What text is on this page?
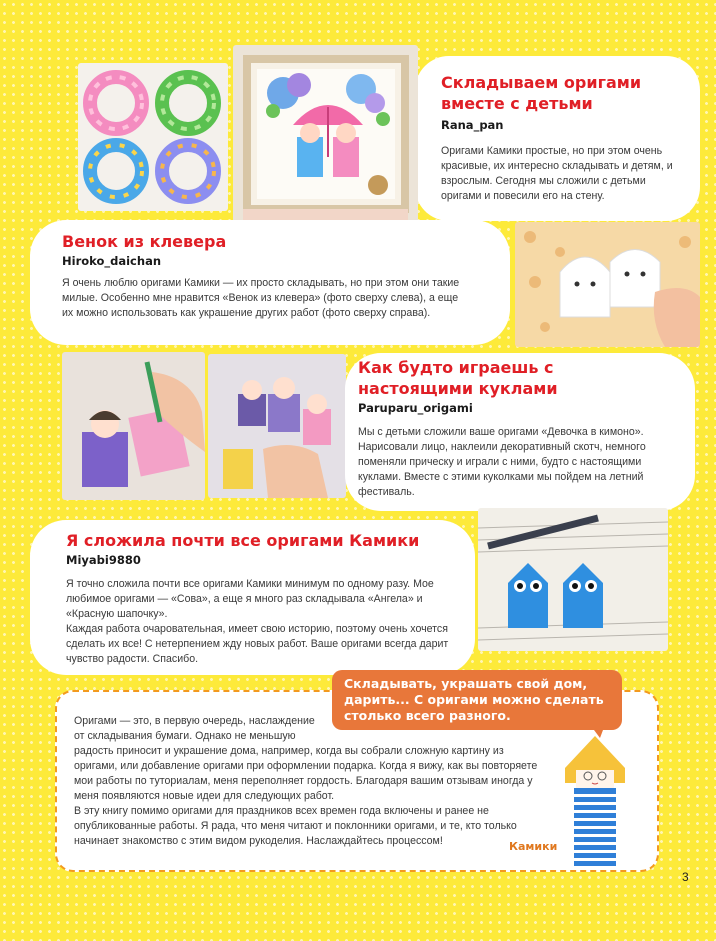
Складываем оригами вместе с детьми

Rana_pan

Оригами Камики простые, но при этом очень красивые, их интересно складывать и детям, и взрослым. Сегодня мы сложили с детьми оригами и повесили его на стену.

Венок из клевера

Hiroko_daichan

Я очень люблю оригами Камики — их просто складывать, но при этом они такие милые. Особенно мне нравится «Венок из клевера» (фото сверху слева), а еще их можно использовать как украшение других работ (фото сверху справа).

Как будто играешь с настоящими куклами

Paruparu_origami

Мы с детьми сложили ваше оригами «Девочка в кимоно». Нарисовали лицо, наклеили декоративный скотч, немного поменяли прическу и играли с ними, будто с настоящими куклами. Вместе с этими куколками мы пойдем на летний фестиваль.

Я сложила почти все оригами Камики

Miyabi9880

Я точно сложила почти все оригами Камики минимум по одному разу. Мое любимое оригами — «Сова», а еще я много раз складывала «Ангела» и «Красную шапочку».

Каждая работа очаровательная, имеет свою историю, поэтому очень хочется сделать их все! С нетерпением жду новых работ. Ваше оригами всегда дарит чувство радости. Спасибо.

Оригами — это, в первую очередь, наслаждение

от складывания бумаги. Однако не меньшую

радость приносит и украшение дома, например, когда вы собрали сложную картину из оригами, или добавление оригами при оформлении подарка. Когда я вижу, как вы повторяете мои работы по туториалам, меня переполняет гордость. Благодаря вашим отзывам иногда у меня появляются новые идеи для следующих работ.

В эту книгу помимо оригами для праздников всех времен года включены и ранее не опубликованные работы. Я рада, что меня читают и поклонники оригами, и те, кто только начинает знакомство с этим видом рукоделия. Наслаждайтесь процессом!	Камики
Складывать, украшать свой дом, дарить... С оригами можно сделать столько всего разного.
3
